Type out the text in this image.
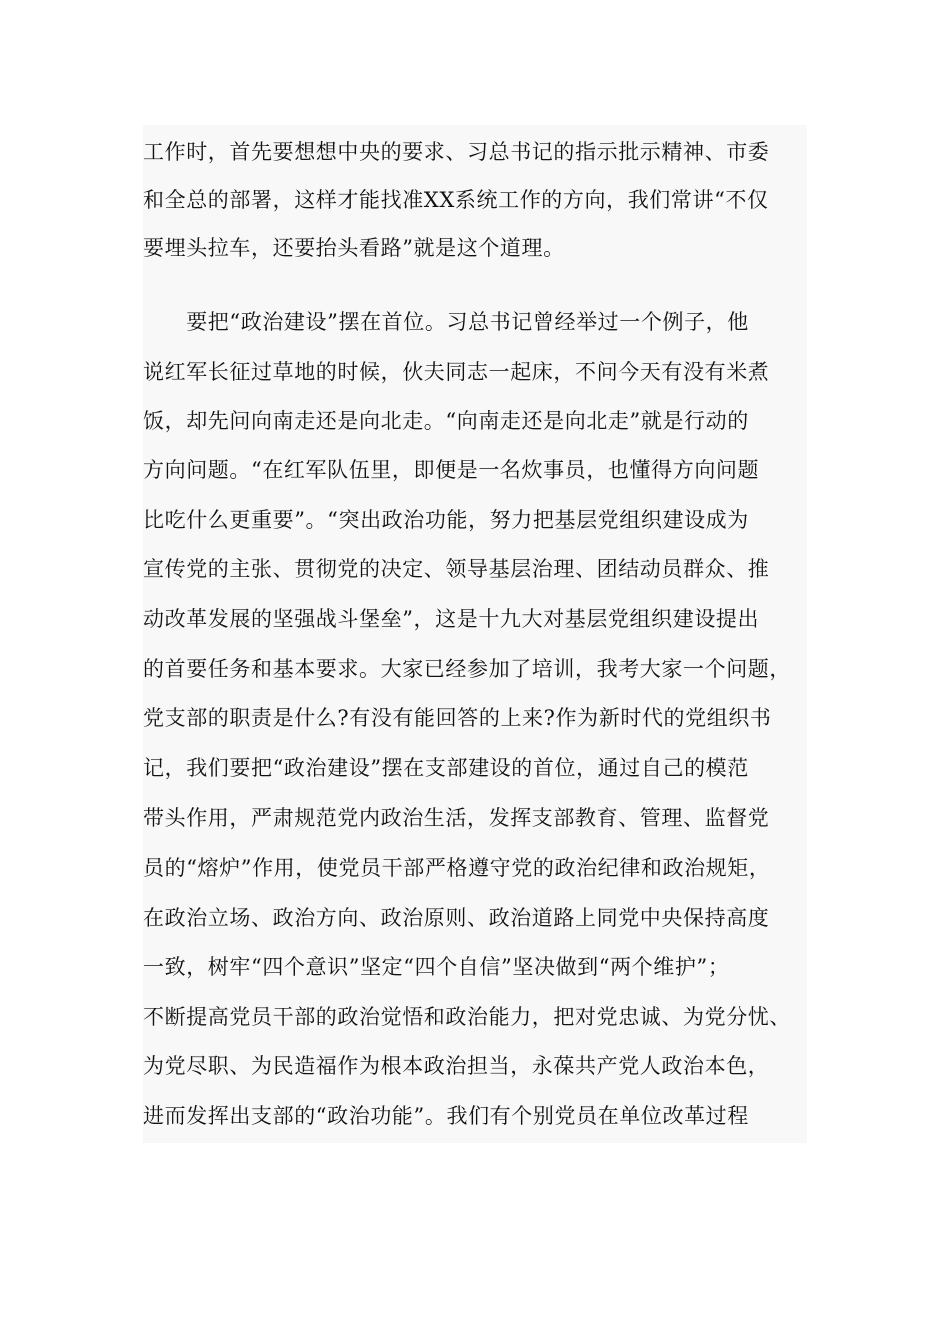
工作时，首先要想想中央的要求、习总书记的指示批示精神、市委
和全总的部署，这样才能找准XX系统工作的方向，我们常讲“不仅
要埋头拉车，还要抬头看路”就是这个道理。
　　要把“政治建设”摆在首位。习总书记曾经举过一个例子，他
说红军长征过草地的时候，伙夫同志一起床，不问今天有没有米煮
饭，却先问向南走还是向北走。“向南走还是向北走”就是行动的
方向问题。“在红军队伍里，即便是一名炊事员，也懂得方向问题
比吃什么更重要”。“突出政治功能，努力把基层党组织建设成为
宣传党的主张、贯彻党的决定、领导基层治理、团结动员群众、推
动改革发展的坚强战斗堡垒”，这是十九大对基层党组织建设提出
的首要任务和基本要求。大家已经参加了培训，我考大家一个问题，
党支部的职责是什么?有没有能回答的上来?作为新时代的党组织书
记，我们要把“政治建设”摆在支部建设的首位，通过自己的模范
带头作用，严肃规范党内政治生活，发挥支部教育、管理、监督党
员的“熔炉”作用，使党员干部严格遵守党的政治纪律和政治规矩，
在政治立场、政治方向、政治原则、政治道路上同党中央保持高度
一致，树牢“四个意识”坚定“四个自信”坚决做到“两个维护”；
不断提高党员干部的政治觉悟和政治能力，把对党忠诚、为党分忧、
为党尽职、为民造福作为根本政治担当，永葆共产党人政治本色，
进而发挥出支部的“政治功能”。我们有个别党员在单位改革过程
